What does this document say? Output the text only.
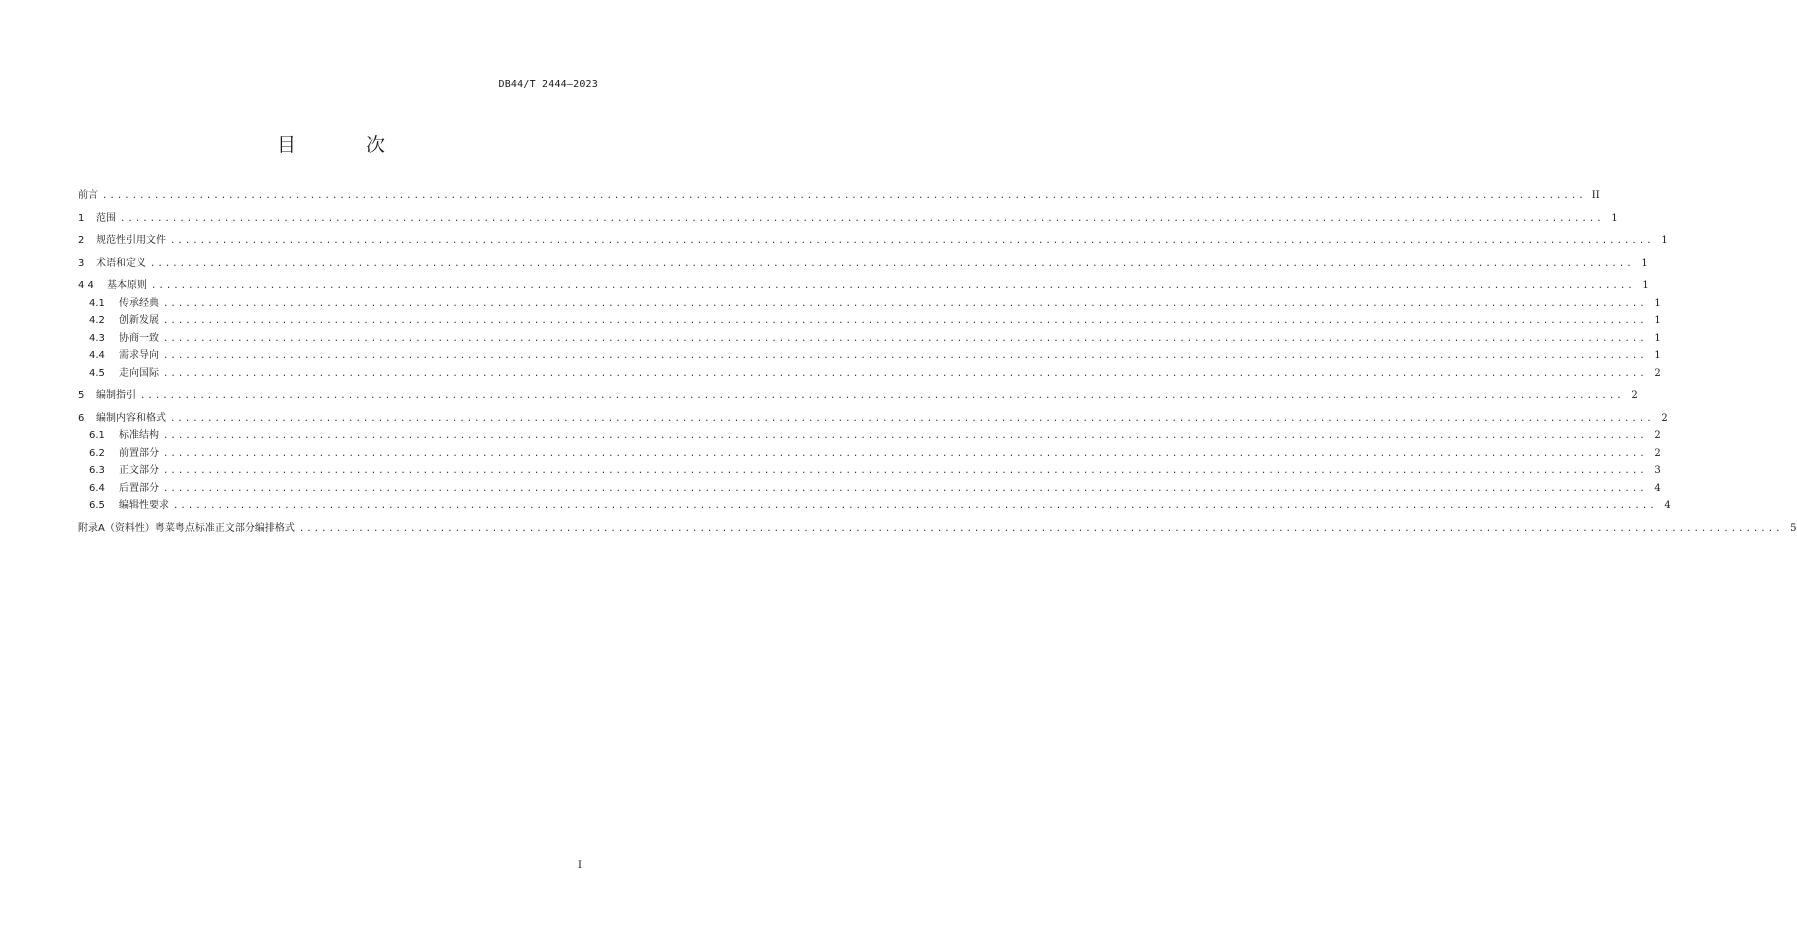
DB44/T 2444—2023
目 次
前言 ........................................................................................................................................................................................................ II
1	范围 ........................................................................................................................................................................................................ 1
2	规范性引用文件 ........................................................................................................................................................................................................ 1
3	术语和定义 ........................................................................................................................................................................................................ 1
4 4	基本原则 ........................................................................................................................................................................................................ 1
4.1	传承经典 ........................................................................................................................................................................................................ 1
4.2	创新发展 ........................................................................................................................................................................................................ 1
4.3	协商一致 ........................................................................................................................................................................................................ 1
4.4	需求导向 ........................................................................................................................................................................................................ 1
4.5	走向国际 ........................................................................................................................................................................................................ 2
5	编制指引 ........................................................................................................................................................................................................ 2
6	编制内容和格式 ........................................................................................................................................................................................................ 2
6.1	标准结构 ........................................................................................................................................................................................................ 2
6.2	前置部分 ........................................................................................................................................................................................................ 2
6.3	正文部分 ........................................................................................................................................................................................................ 3
6.4	后置部分 ........................................................................................................................................................................................................ 4
6.5	编辑性要求 ........................................................................................................................................................................................................ 4
附录A（资料性）粤菜粤点标准正文部分编排格式 ........................................................................................................................................................................................................ 5
I
